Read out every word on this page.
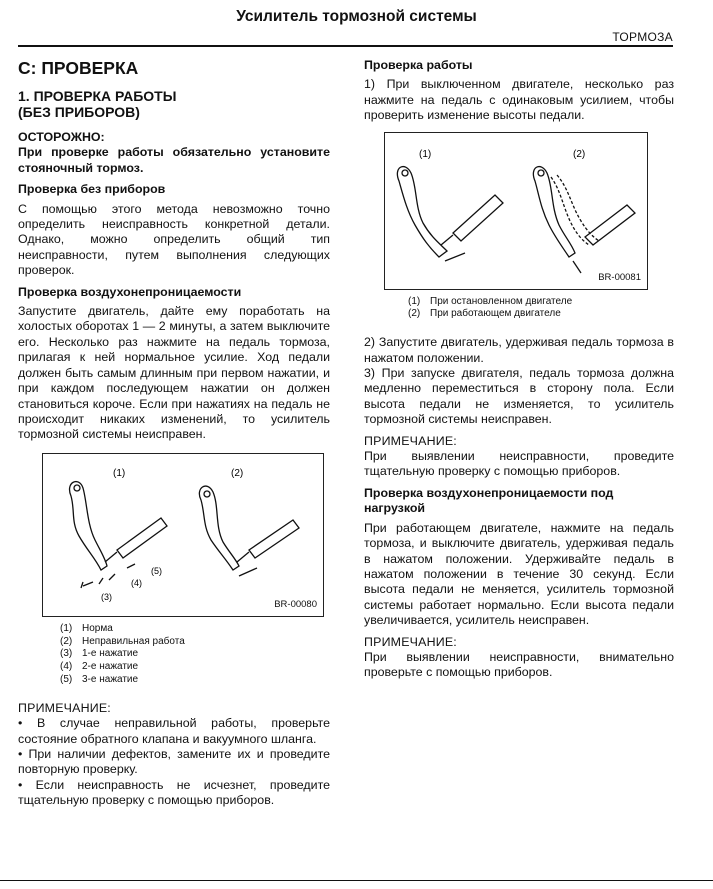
Усилитель тормозной системы
ТОРМОЗА
C: ПРОВЕРКА
1. ПРОВЕРКА РАБОТЫ
(БЕЗ ПРИБОРОВ)

ОСТОРОЖНО:

При проверке работы обязательно установите стояночный тормоз.

Проверка без приборов

С помощью этого метода невозможно точно определить неисправность конкретной детали. Однако, можно определить общий тип неисправности, путем выполнения следующих проверок.

Проверка воздухонепроницаемости

Запустите двигатель, дайте ему поработать на холостых оборотах 1 — 2 минуты, а затем выключите его. Несколько раз нажмите на педаль тормоза, прилагая к ней нормальное усилие. Ход педали должен быть самым длинным при первом нажатии, и при каждом последующем нажатии он должен становиться короче. Если при нажатиях на педаль не происходит никаких изменений, то усилитель тормозной системы неисправен.

(1)	(2)
(3)
(4)
(5)
BR-00080
(1) Норма
(2) Неправильная работа
(3) 1-е нажатие
(4) 2-е нажатие
(5) 3-е нажатие

ПРИМЕЧАНИЕ:

• В случае неправильной работы, проверьте состояние обратного клапана и вакуумного шланга.

• При наличии дефектов, замените их и проведите повторную проверку.

• Если неисправность не исчезнет, проведите тщательную проверку с помощью приборов.

Проверка работы

1) При выключенном двигателе, несколько раз нажмите на педаль с одинаковым усилием, чтобы проверить изменение высоты педали.

(1)	(2)
BR-00081
(1) При остановленном двигателе
(2) При работающем двигателе

2) Запустите двигатель, удерживая педаль тормоза в нажатом положении.

3) При запуске двигателя, педаль тормоза должна медленно переместиться в сторону пола. Если высота педали не изменяется, то усилитель тормозной системы неисправен.

ПРИМЕЧАНИЕ:

При выявлении неисправности, проведите тщательную проверку с помощью приборов.

Проверка воздухонепроницаемости под нагрузкой

При работающем двигателе, нажмите на педаль тормоза, и выключите двигатель, удерживая педаль в нажатом положении. Удерживайте педаль в нажатом положении в течение 30 секунд. Если высота педали не меняется, усилитель тормозной системы работает нормально. Если высота педали увеличивается, усилитель неисправен.

ПРИМЕЧАНИЕ:

При выявлении неисправности, внимательно проверьте с помощью приборов.
